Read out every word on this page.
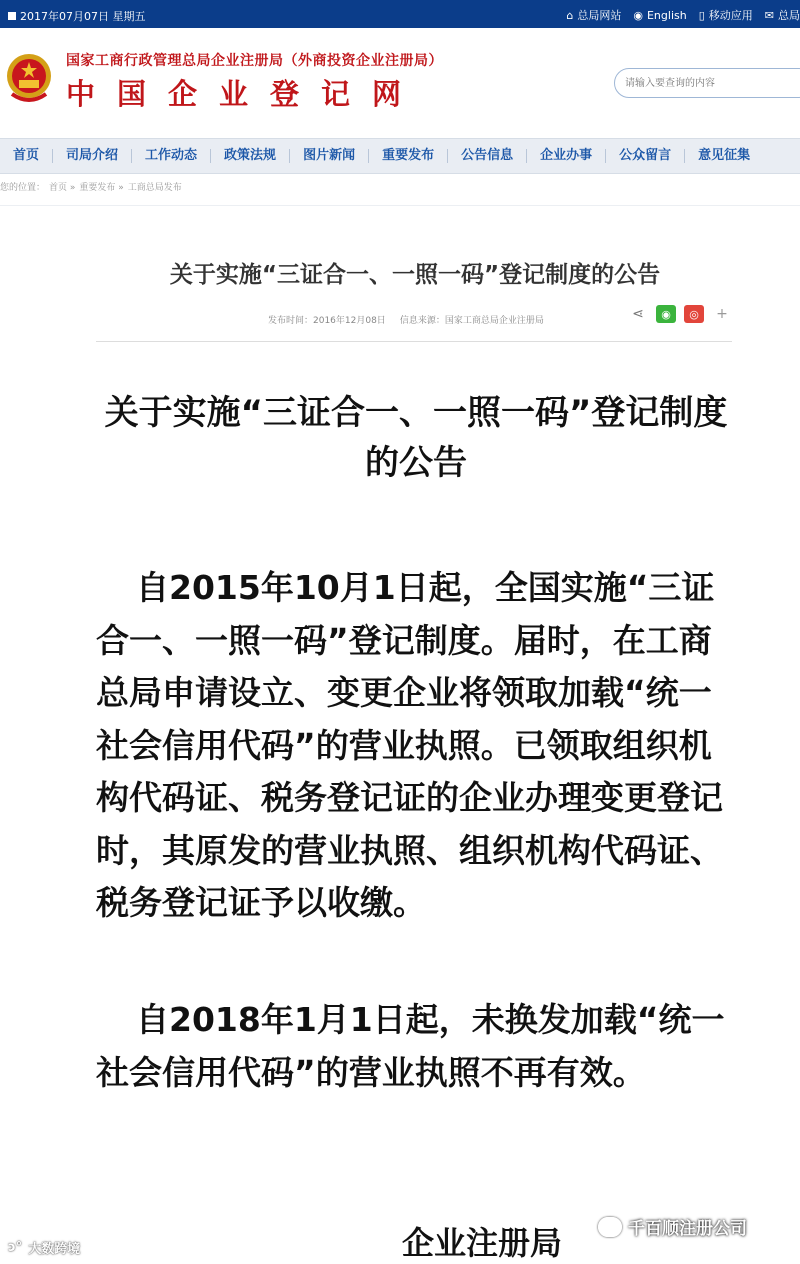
2017年07月07日 星期五	⌂ 总局网站 ◉ English ▯ 移动应用 ✉ 总局
国家工商行政管理总局企业注册局（外商投资企业注册局）
中国企业登记网
请输入要查询的内容
首页	司局介绍	工作动态	政策法规	图片新闻	重要发布	公告信息	企业办事	公众留言	意见征集
您的位置： 首页 » 重要发布 » 工商总局发布
关于实施“三证合一、一照一码”登记制度的公告
发布时间：2016年12月08日 信息来源：国家工商总局企业注册局	⋖	◉	◎	+
关于实施“三证合一、一照一码”登记制度的公告
自2015年10月1日起，全国实施“三证合一、一照一码”登记制度。届时，在工商总局申请设立、变更企业将领取加载“统一社会信用代码”的营业执照。已领取组织机构代码证、税务登记证的企业办理变更登记时，其原发的营业执照、组织机构代码证、税务登记证予以收缴。
自2018年1月1日起，未换发加载“统一社会信用代码”的营业执照不再有效。
企业注册局
ↄ° 大数跨境
千百顺注册公司
